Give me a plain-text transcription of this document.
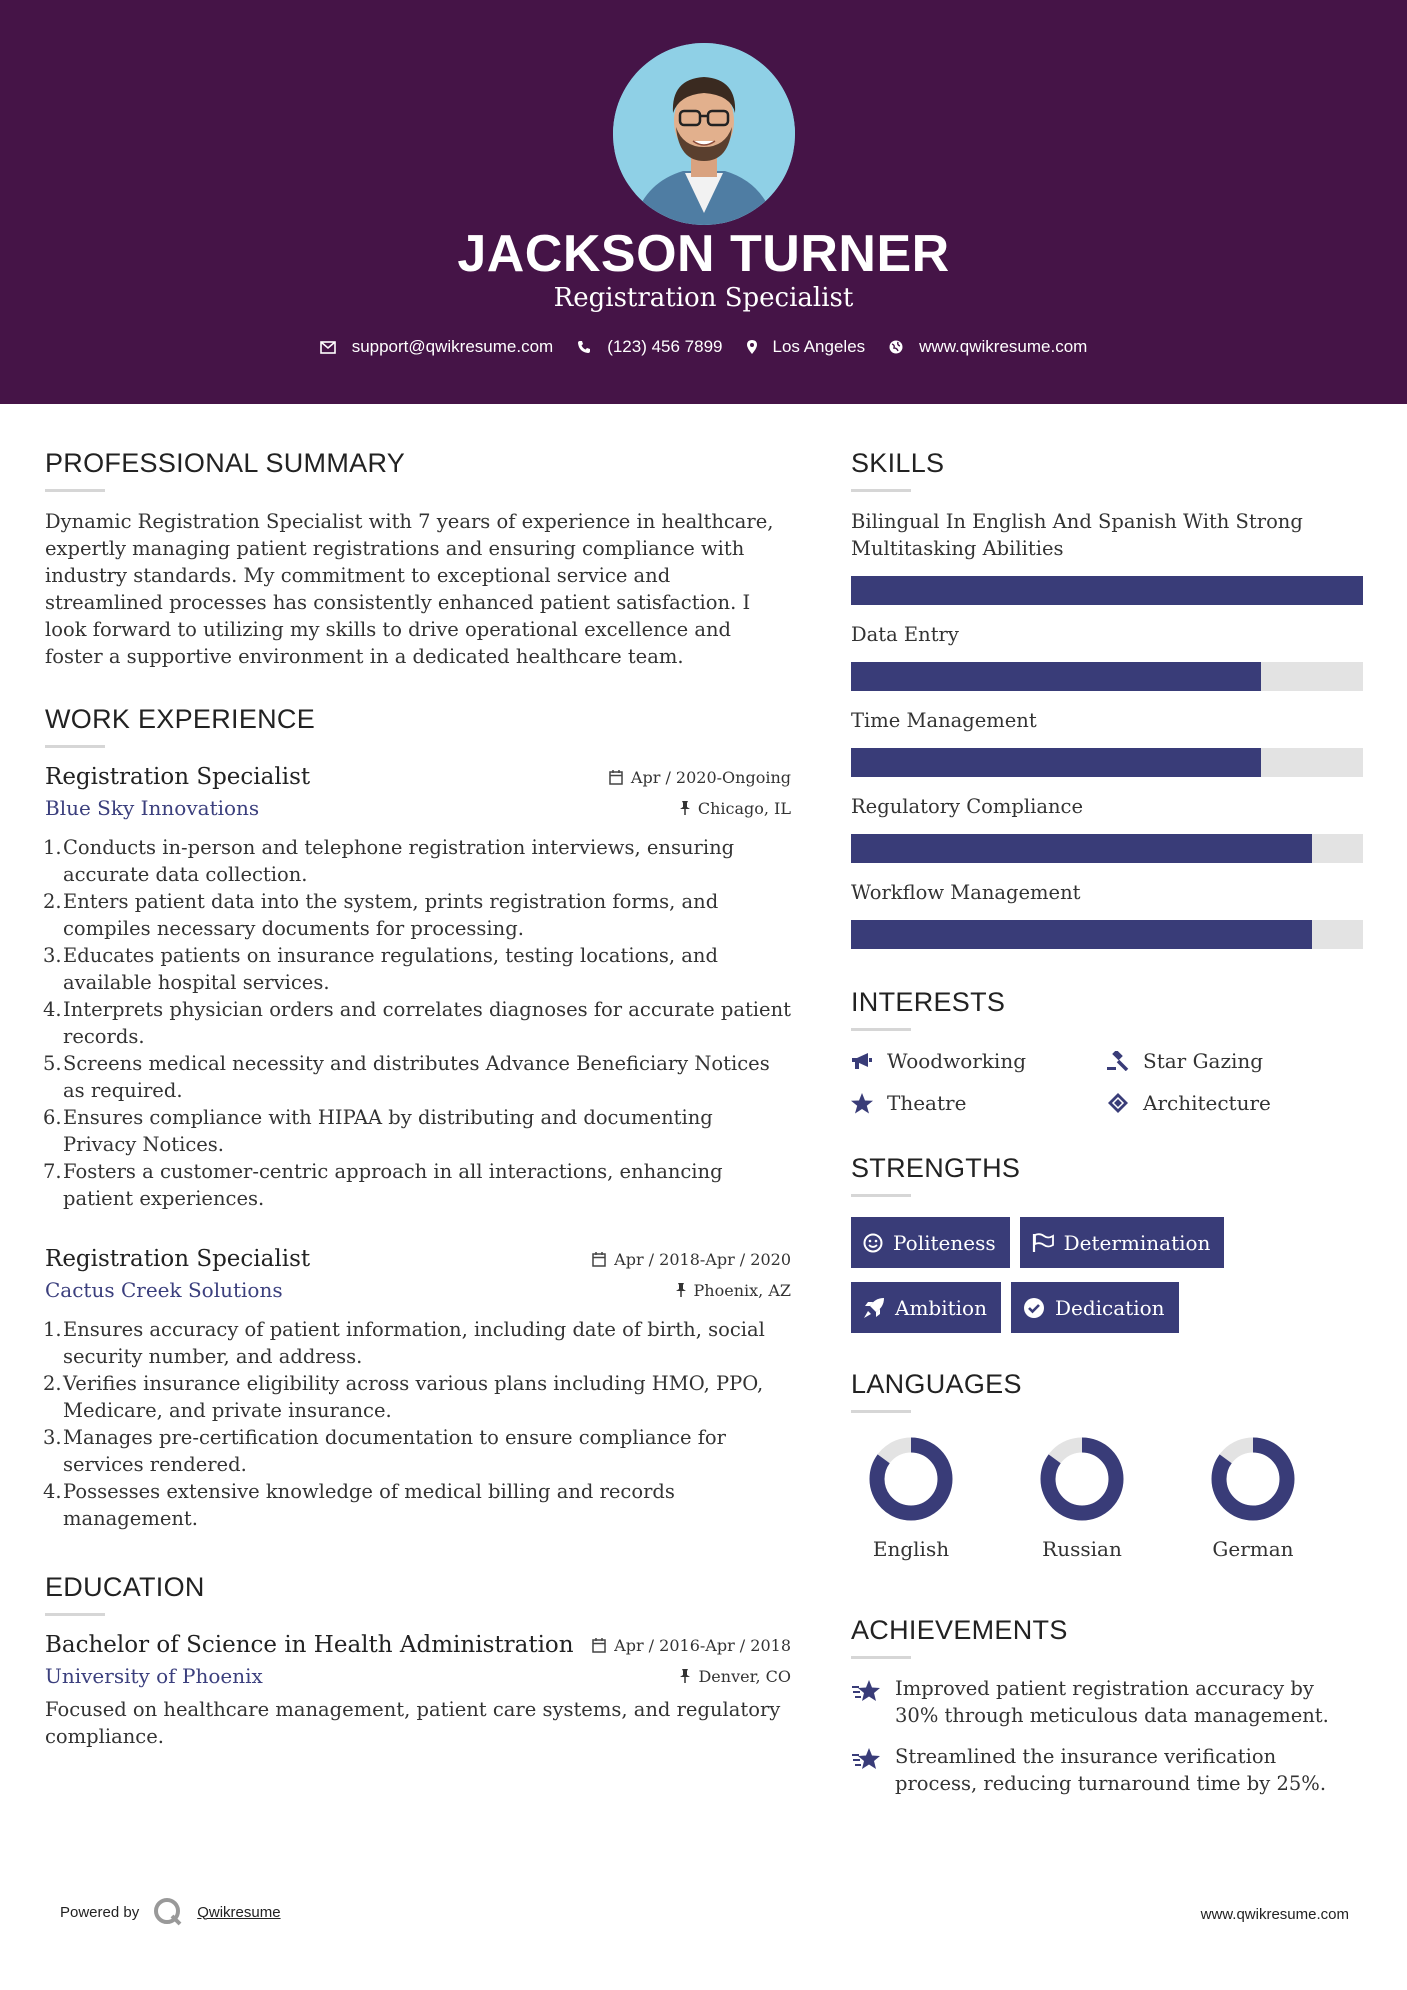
JACKSON TURNER
Registration Specialist
support@qwikresume.com	(123) 456 7899	Los Angeles	www.qwikresume.com
PROFESSIONAL SUMMARY
Dynamic Registration Specialist with 7 years of experience in healthcare, expertly managing patient registrations and ensuring compliance with industry standards. My commitment to exceptional service and streamlined processes has consistently enhanced patient satisfaction. I look forward to utilizing my skills to drive operational excellence and foster a supportive environment in a dedicated healthcare team.
WORK EXPERIENCE
Registration Specialist	Apr / 2020-Ongoing
Blue Sky Innovations	Chicago, IL
1. Conducts in-person and telephone registration interviews, ensuring accurate data collection.
2. Enters patient data into the system, prints registration forms, and compiles necessary documents for processing.
3. Educates patients on insurance regulations, testing locations, and available hospital services.
4. Interprets physician orders and correlates diagnoses for accurate patient records.
5. Screens medical necessity and distributes Advance Beneficiary Notices as required.
6. Ensures compliance with HIPAA by distributing and documenting Privacy Notices.
7. Fosters a customer-centric approach in all interactions, enhancing patient experiences.
Registration Specialist	Apr / 2018-Apr / 2020
Cactus Creek Solutions	Phoenix, AZ
1. Ensures accuracy of patient information, including date of birth, social security number, and address.
2. Verifies insurance eligibility across various plans including HMO, PPO, Medicare, and private insurance.
3. Manages pre-certification documentation to ensure compliance for services rendered.
4. Possesses extensive knowledge of medical billing and records management.
EDUCATION
Bachelor of Science in Health Administration	Apr / 2016-Apr / 2018
University of Phoenix	Denver, CO
Focused on healthcare management, patient care systems, and regulatory compliance.
SKILLS
Bilingual In English And Spanish With Strong Multitasking Abilities
Data Entry
Time Management
Regulatory Compliance
Workflow Management
INTERESTS
Woodworking	Star Gazing
Theatre	Architecture
STRENGTHS
Politeness	Determination
Ambition	Dedication
LANGUAGES
English	Russian	German
ACHIEVEMENTS
Improved patient registration accuracy by 30% through meticulous data management.
Streamlined the insurance verification process, reducing turnaround time by 25%.
Powered by	Qwikresume	www.qwikresume.com
